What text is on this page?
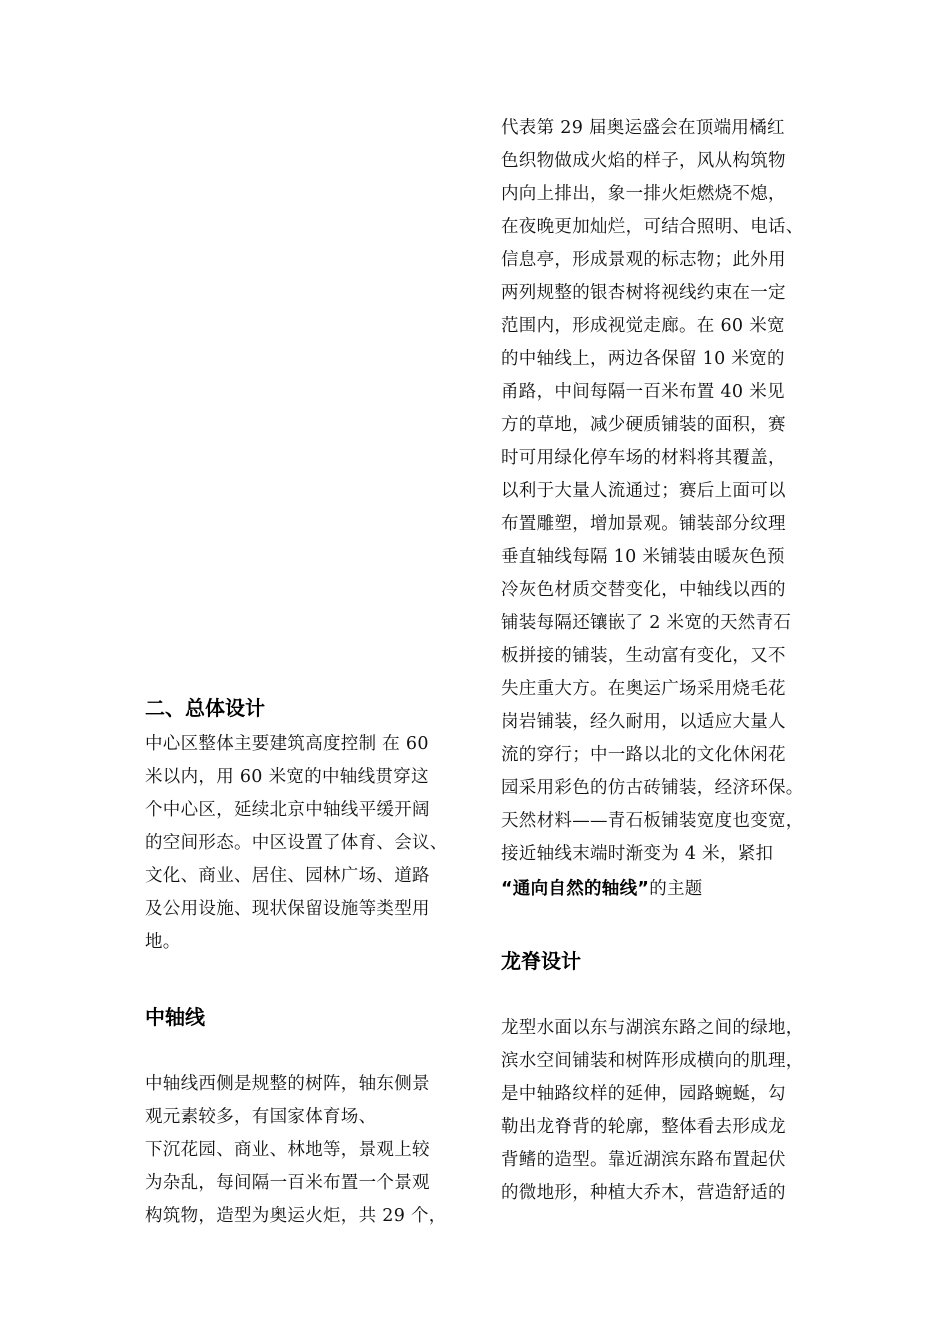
二、总体设计
中心区整体主要建筑高度控制 在 60
米以内，用 60 米宽的中轴线贯穿这
个中心区，延续北京中轴线平缓开阔
的空间形态。中区设置了体育、会议、
文化、商业、居住、园林广场、道路
及公用设施、现状保留设施等类型用
地。
中轴线
中轴线西侧是规整的树阵，轴东侧景
观元素较多，有国家体育场、
下沉花园、商业、林地等，景观上较
为杂乱，每间隔一百米布置一个景观
构筑物，造型为奥运火炬，共 29 个，
代表第 29 届奥运盛会在顶端用橘红
色织物做成火焰的样子，风从构筑物
内向上排出，象一排火炬燃烧不熄，
在夜晚更加灿烂，可结合照明、电话、
信息亭，形成景观的标志物；此外用
两列规整的银杏树将视线约束在一定
范围内，形成视觉走廊。在 60 米宽
的中轴线上，两边各保留 10 米宽的
甬路，中间每隔一百米布置 40 米见
方的草地，减少硬质铺装的面积，赛
时可用绿化停车场的材料将其覆盖，
以利于大量人流通过；赛后上面可以
布置雕塑，增加景观。铺装部分纹理
垂直轴线每隔 10 米铺装由暖灰色预
冷灰色材质交替变化，中轴线以西的
铺装每隔还镶嵌了 2 米宽的天然青石
板拼接的铺装，生动富有变化，又不
失庄重大方。在奥运广场采用烧毛花
岗岩铺装，经久耐用，以适应大量人
流的穿行；中一路以北的文化休闲花
园采用彩色的仿古砖铺装，经济环保。
天然材料——青石板铺装宽度也变宽，
接近轴线末端时渐变为 4 米，紧扣
“通向自然的轴线”的主题
龙脊设计
龙型水面以东与湖滨东路之间的绿地，
滨水空间铺装和树阵形成横向的肌理，
是中轴路纹样的延伸，园路蜿蜒，勾
勒出龙脊背的轮廓，整体看去形成龙
背鳍的造型。靠近湖滨东路布置起伏
的微地形，种植大乔木，营造舒适的
